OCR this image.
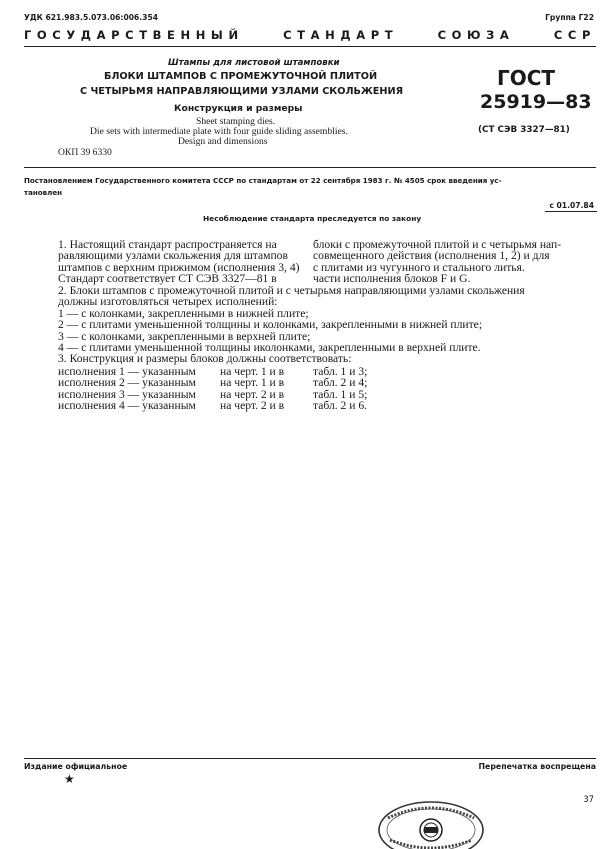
УДК 621.983.5.073.06:006.354	Группа Г22
ГОСУДАРСТВЕННЫЙ СТАНДАРТ СОЮЗА ССР
Штампы для листовой штамповки
БЛОКИ ШТАМПОВ С ПРОМЕЖУТОЧНОЙ ПЛИТОЙ
С ЧЕТЫРЬМЯ НАПРАВЛЯЮЩИМИ УЗЛАМИ СКОЛЬЖЕНИЯ
Конструкция и размеры
Sheet stamping dies.
Die sets with intermediate plate with four guide sliding assemblies.
Design and dimensions
ОКП 39 6330
ГОСТ
25919—83
(СТ СЭВ 3327—81)
Постановлением Государственного комитета СССР по стандартам от 22 сентября 1983 г. № 4505 срок введения ус-
тановлен
с 01.07.84
Несоблюдение стандарта преследуется по закону
1. Настоящий стандарт распространяется на	блоки с промежуточной плитой и с четырьмя нап-
равляющими узлами скольжения для штампов совмещенного действия (исполнения 1, 2) и для
штампов с верхним прижимом (исполнения 3, 4) с плитами из чугунного и стального литья.
Стандарт соответствует СТ СЭВ 3327—81 в	части исполнения блоков F и G.
2. Блоки штампов с промежуточной плитой и с четырьмя направляющими узлами скольжения
должны изготовляться четырех исполнений:
1 — с колонками, закрепленными в нижней плите;
2 — с плитами уменьшенной толщины и колонками, закрепленными в нижней плите;
3 — с колонками, закрепленными в верхней плите;
4 — с плитами уменьшенной толщины иколонками, закрепленными в верхней плите.
3. Конструкция и размеры блоков должны соответствовать:
исполнения 1 — указанным на черт. 1 и в табл. 1 и 3;
исполнения 2 — указанным на черт. 1 и в табл. 2 и 4;
исполнения 3 — указанным на черт. 2 и в табл. 1 и 5;
исполнения 4 — указанным на черт. 2 и в табл. 2 и 6.
Издание официальное
★
Перепечатка воспрещена
37
